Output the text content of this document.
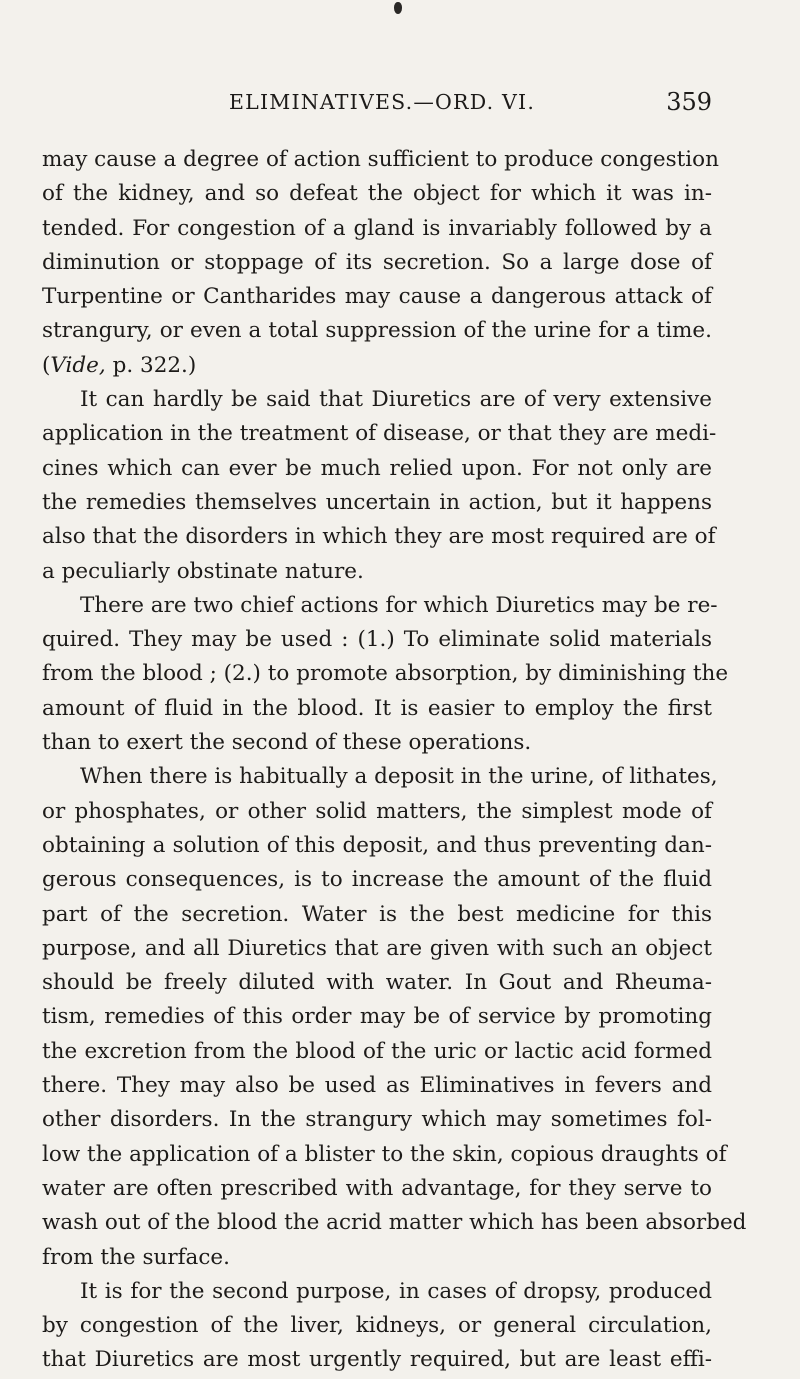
ELIMINATIVES.—ORD. VI.	359
may cause a degree of action sufficient to produce congestion
of the kidney, and so defeat the object for which it was in-
tended. For congestion of a gland is invariably followed by a
diminution or stoppage of its secretion. So a large dose of
Turpentine or Cantharides may cause a dangerous attack of
strangury, or even a total suppression of the urine for a time.
(Vide, p. 322.)
It can hardly be said that Diuretics are of very extensive
application in the treatment of disease, or that they are medi-
cines which can ever be much relied upon. For not only are
the remedies themselves uncertain in action, but it happens
also that the disorders in which they are most required are of
a peculiarly obstinate nature.
There are two chief actions for which Diuretics may be re-
quired. They may be used : (1.) To eliminate solid materials
from the blood ; (2.) to promote absorption, by diminishing the
amount of fluid in the blood. It is easier to employ the first
than to exert the second of these operations.
When there is habitually a deposit in the urine, of lithates,
or phosphates, or other solid matters, the simplest mode of
obtaining a solution of this deposit, and thus preventing dan-
gerous consequences, is to increase the amount of the fluid
part of the secretion. Water is the best medicine for this
purpose, and all Diuretics that are given with such an object
should be freely diluted with water. In Gout and Rheuma-
tism, remedies of this order may be of service by promoting
the excretion from the blood of the uric or lactic acid formed
there. They may also be used as Eliminatives in fevers and
other disorders. In the strangury which may sometimes fol-
low the application of a blister to the skin, copious draughts of
water are often prescribed with advantage, for they serve to
wash out of the blood the acrid matter which has been absorbed
from the surface.
It is for the second purpose, in cases of dropsy, produced
by congestion of the liver, kidneys, or general circulation,
that Diuretics are most urgently required, but are least effi-
